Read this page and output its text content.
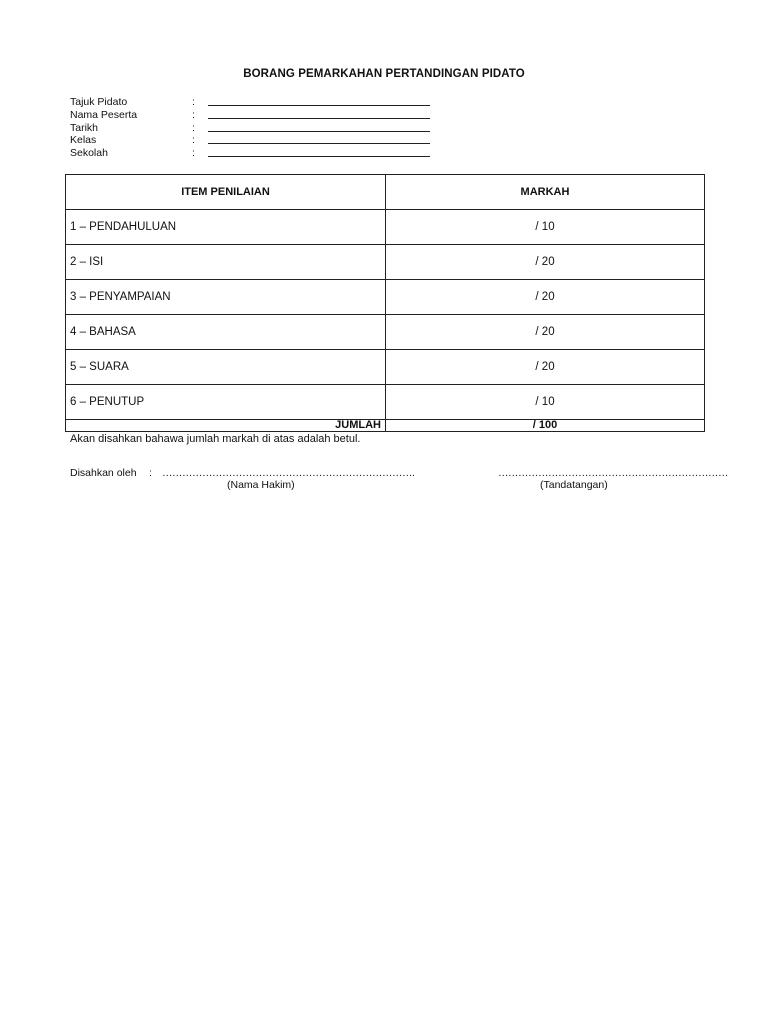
BORANG PEMARKAHAN PERTANDINGAN PIDATO
Tajuk Pidato	:
Nama Peserta	:
Tarikh	:
Kelas	:
Sekolah	:
ITEM PENILAIAN	MARKAH
1 – PENDAHULUAN	/ 10
2 – ISI	/ 20
3 – PENYAMPAIAN	/ 20
4 – BAHASA	/ 20
5 – SUARA	/ 20
6 – PENUTUP	/ 10
JUMLAH	/ 100
Akan disahkan bahawa jumlah markah di atas adalah betul.
Disahkan oleh : ………………………………………………………………….	……………………………………………………………
(Nama Hakim)	(Tandatangan)
